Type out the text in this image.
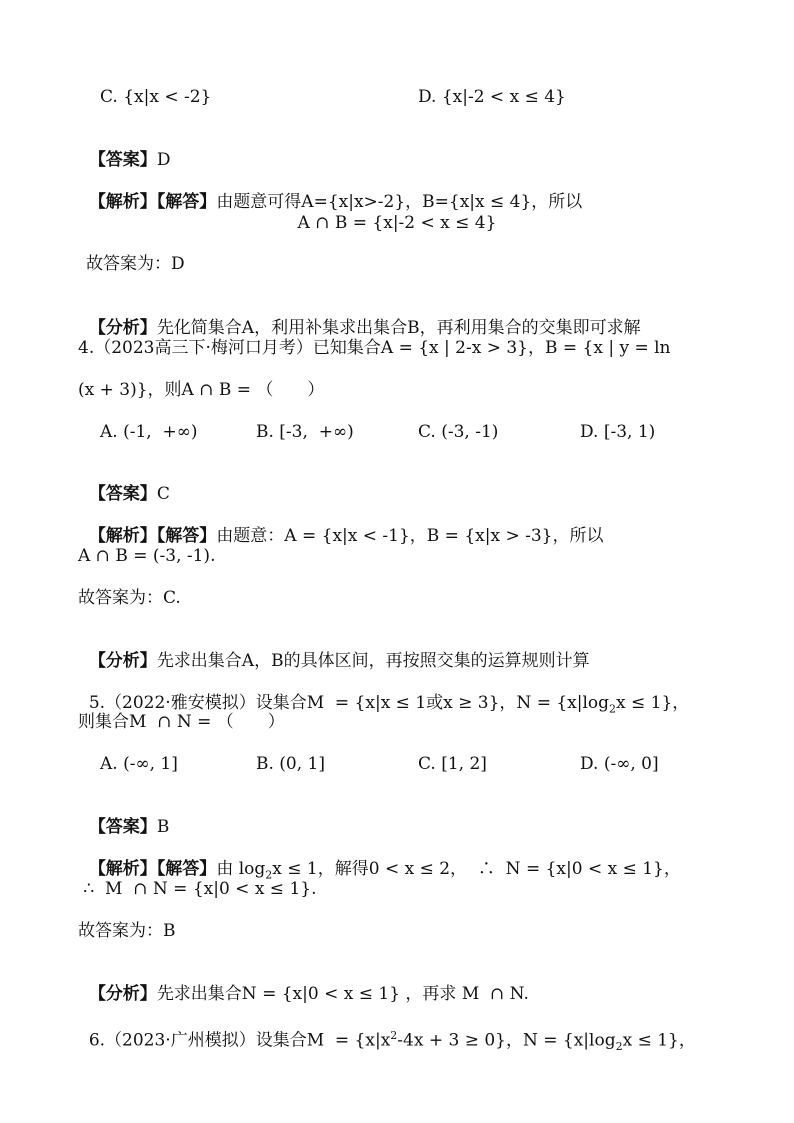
C. {x|x < -2}	D. {x|-2 < x ≤ 4}

【答案】D

【解析】【解答】由题意可得A={x|x>-2}，B={x|x ≤ 4}，所以

A ∩ B = {x|-2 < x ≤ 4}
故答案为：D

【分析】先化简集合A，利用补集求出集合B，再利用集合的交集即可求解

4.（2023高三下·梅河口月考）已知集合A = {x | 2-x > 3}，B = {x | y = ln
(x + 3)}，则A ∩ B = （　　）
A. (-1,  +∞)	B. [-3,  +∞)	C. (-3, -1)	D. [-3, 1)

【答案】C

【解析】【解答】由题意：A = {x|x < -1}，B = {x|x > -3}，所以

A ∩ B = (-3, -1).
故答案为：C.

【分析】先求出集合A，B的具体区间，再按照交集的运算规则计算

5.（2022·雅安模拟）设集合M  = {x|x ≤ 1或x ≥ 3}，$N = \{x|\log_2x \le 1\}$，

则集合M  ∩ N = （　　）
A. (-∞, 1]	B. (0, 1]	C. [1, 2]	D. (-∞, 0]

【答案】B

【解析】【解答】由 $\log_2x \le 1$，解得0 < x ≤ 2，  ∴  N = {x|0 < x ≤ 1}，

∴  M  ∩ N = {x|0 < x ≤ 1}.
故答案为：B

【分析】先求出集合N = {x|0 < x ≤ 1} ，再求 M  ∩ N.

6.（2023·广州模拟）设集合$M = \{x|x^2-4x + 3 \ge 0\}$，$N = \{x|\log_2x \le 1\}$，
